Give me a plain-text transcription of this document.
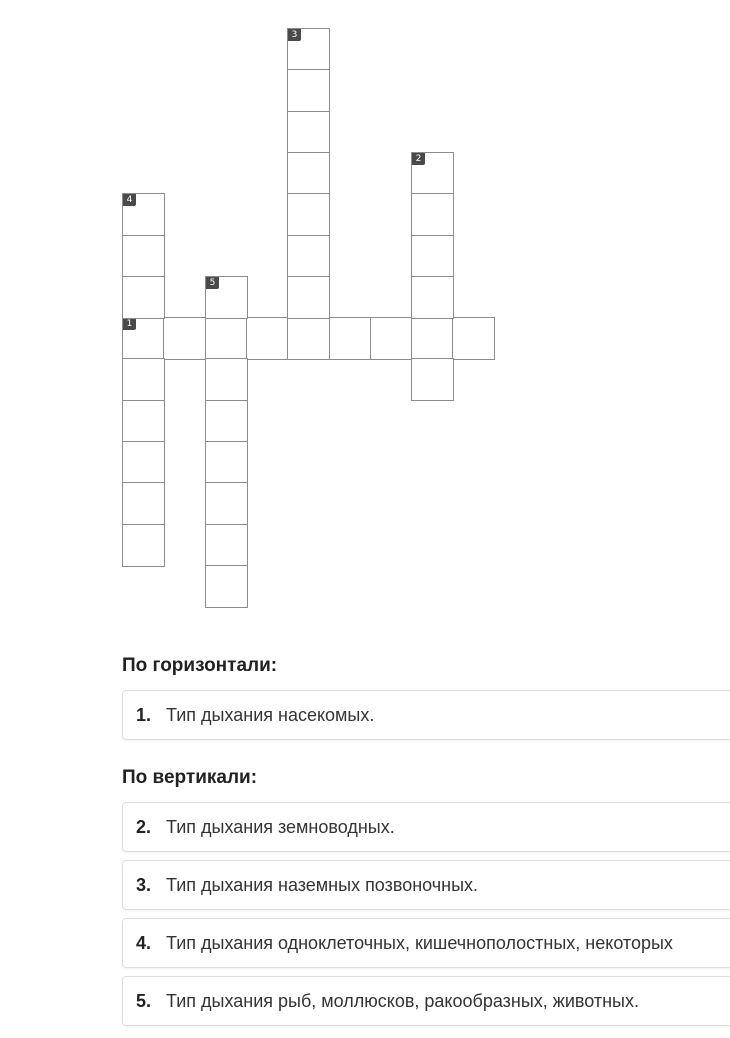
1
2
3
4
5
По горизонтали:
1. Тип дыхания насекомых.
По вертикали:
2. Тип дыхания земноводных.
3. Тип дыхания наземных позвоночных.
4. Тип дыхания одноклеточных, кишечнополостных, некоторых
5. Тип дыхания рыб, моллюсков, ракообразных, животных.
